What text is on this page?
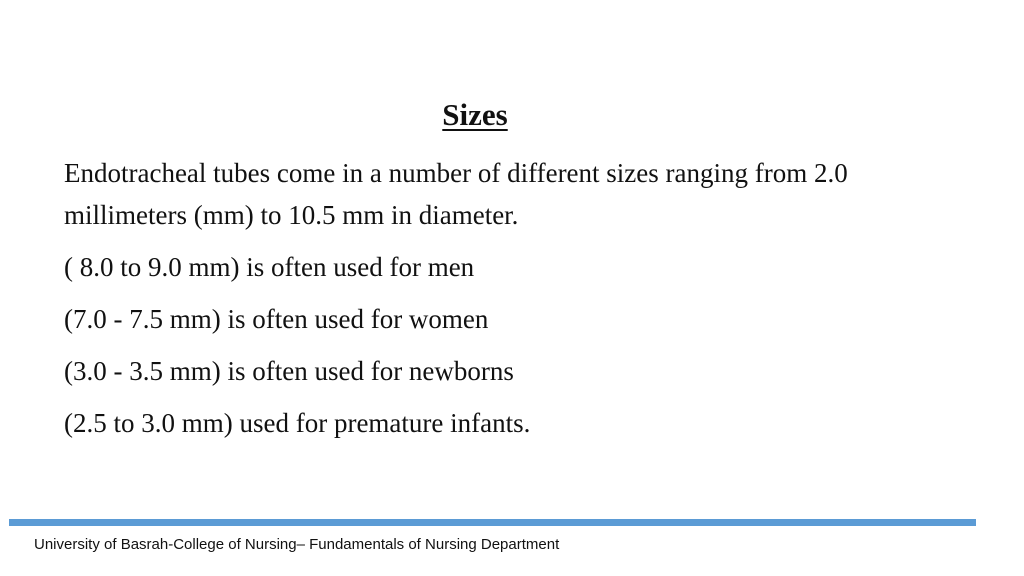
Sizes

Endotracheal tubes come in a number of different sizes ranging from 2.0 millimeters (mm) to 10.5 mm in diameter.

( 8.0 to 9.0 mm) is often used for men

(7.0 - 7.5 mm) is often used for women

(3.0 - 3.5 mm) is often used for newborns

(2.5 to 3.0 mm) used for premature infants.

University of Basrah-College of Nursing– Fundamentals of Nursing Department
